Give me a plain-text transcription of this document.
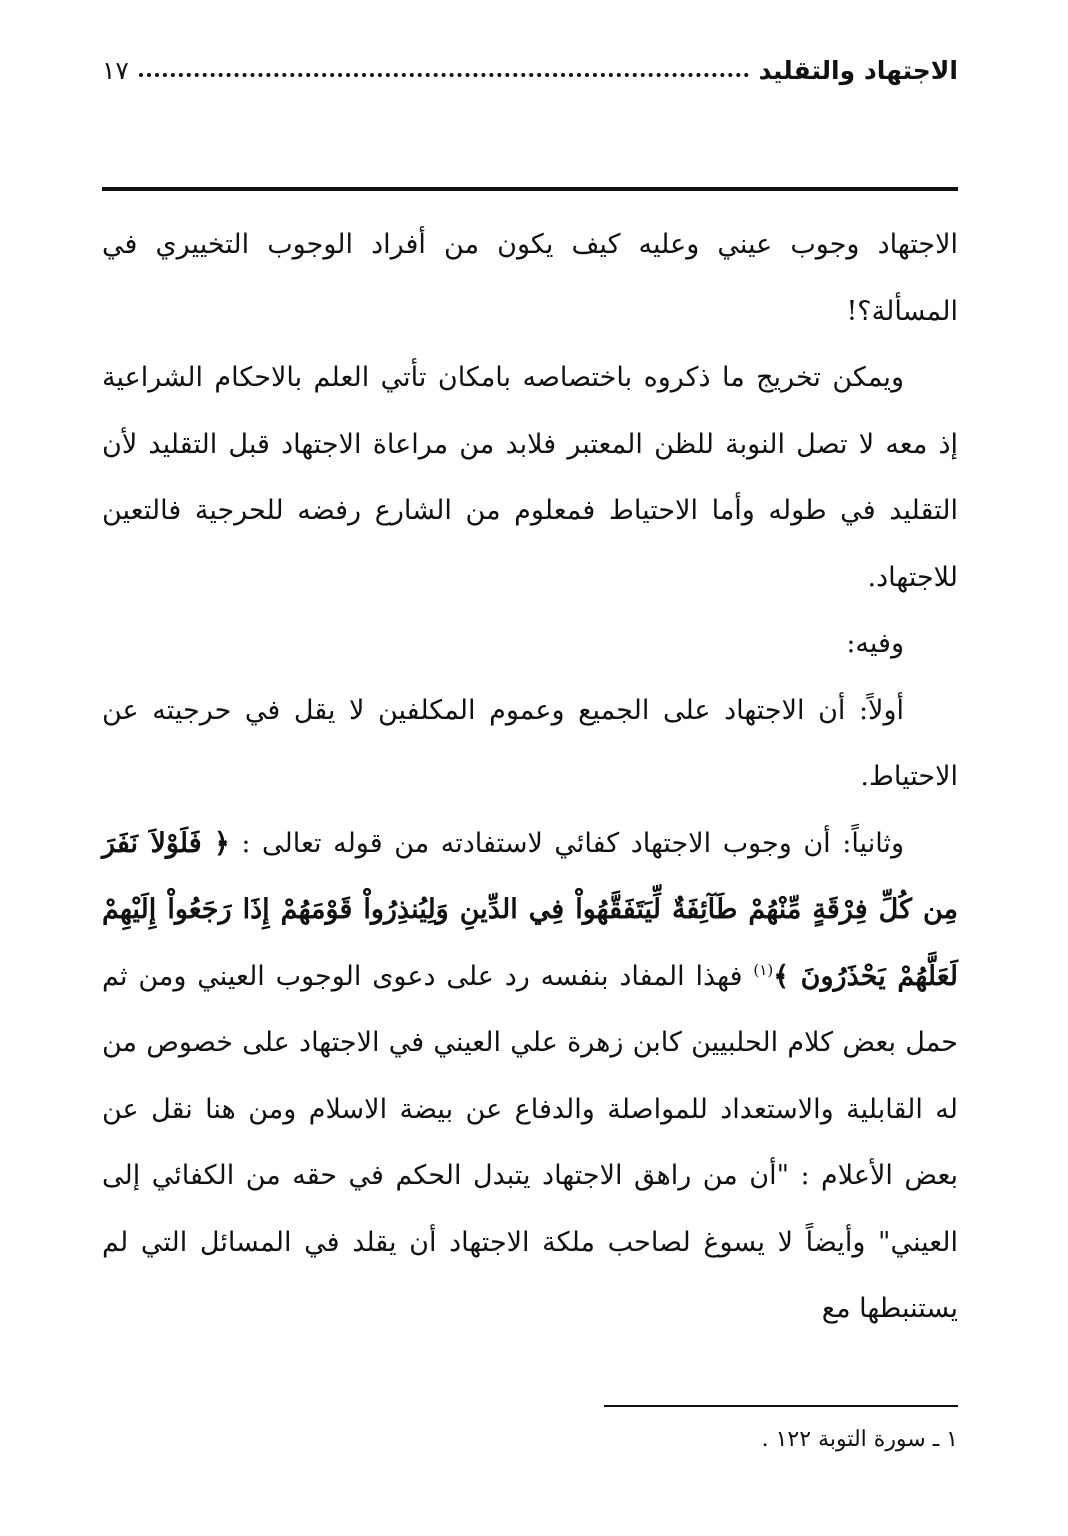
الاجتهاد والتقليد
١٧

الاجتهاد وجوب عيني وعليه كيف يكون من أفراد الوجوب التخييري في المسألة؟!

ويمكن تخريج ما ذكروه باختصاصه بامكان تأتي العلم بالاحكام الشراعية إذ معه لا تصل النوبة للظن المعتبر فلابد من مراعاة الاجتهاد قبل التقليد لأن التقليد في طوله وأما الاحتياط فمعلوم من الشارع رفضه للحرجية فالتعين للاجتهاد.

وفيه:

أولاً: أن الاجتهاد على الجميع وعموم المكلفين لا يقل في حرجيته عن الاحتياط.

وثانياً: أن وجوب الاجتهاد كفائي لاستفادته من قوله تعالى : ﴿ فَلَوْلاَ نَفَرَ مِن كُلِّ فِرْقَةٍ مِّنْهُمْ طَآئِفَةٌ لِّيَتَفَقَّهُواْ فِي الدِّينِ وَلِيُنذِرُواْ قَوْمَهُمْ إِذَا رَجَعُواْ إِلَيْهِمْ لَعَلَّهُمْ يَحْذَرُونَ ﴾$^{(١)}$ فهذا المفاد بنفسه رد على دعوى الوجوب العيني ومن ثم حمل بعض كلام الحلبيين كابن زهرة علي العيني في الاجتهاد على خصوص من له القابلية والاستعداد للمواصلة والدفاع عن بيضة الاسلام ومن هنا نقل عن بعض الأعلام : "أن من راهق الاجتهاد يتبدل الحكم في حقه من الكفائي إلى العيني" وأيضاً لا يسوغ لصاحب ملكة الاجتهاد أن يقلد في المسائل التي لم يستنبطها مع

١ ـ سورة التوبة ١٢٢ .
